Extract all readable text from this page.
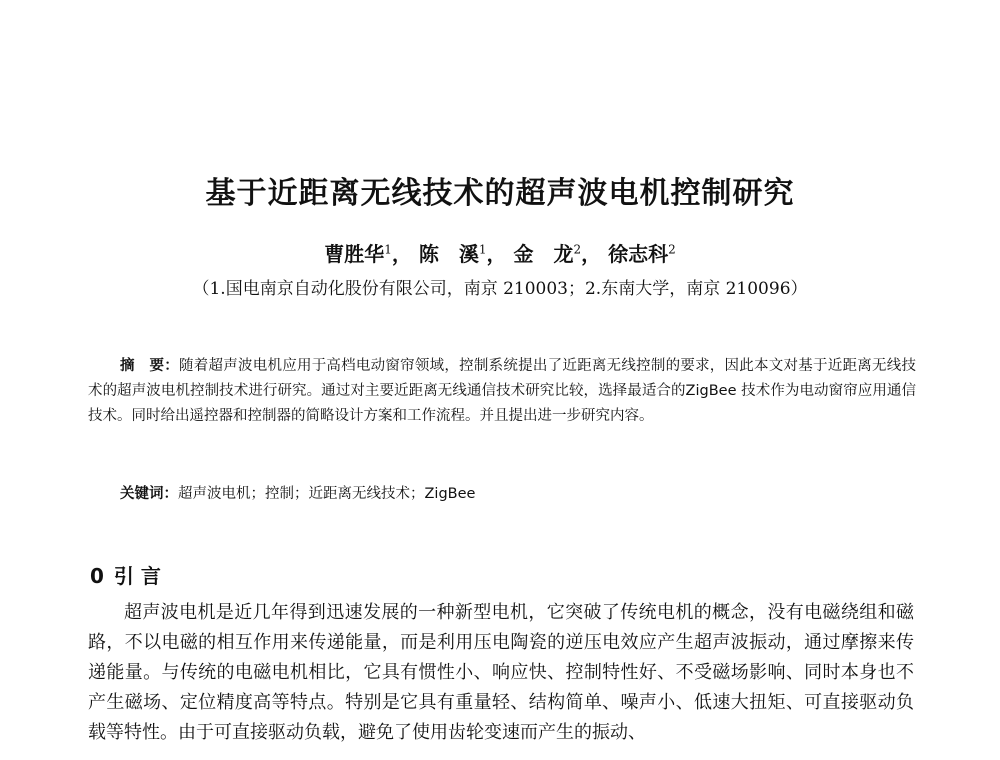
基于近距离无线技术的超声波电机控制研究
曹胜华$^1$， 陈　溪$^1$， 金　龙$^2$， 徐志科$^2$
（1.国电南京自动化股份有限公司，南京 210003；2.东南大学，南京 210096）

摘　要：随着超声波电机应用于高档电动窗帘领域，控制系统提出了近距离无线控制的要求，因此本文对基于近距离无线技术的超声波电机控制技术进行研究。通过对主要近距离无线通信技术研究比较，选择最适合的ZigBee 技术作为电动窗帘应用通信技术。同时给出遥控器和控制器的简略设计方案和工作流程。并且提出进一步研究内容。

关键词：超声波电机；控制；近距离无线技术；ZigBee

0 引 言

超声波电机是近几年得到迅速发展的一种新型电机，它突破了传统电机的概念，没有电磁绕组和磁路，不以电磁的相互作用来传递能量，而是利用压电陶瓷的逆压电效应产生超声波振动，通过摩擦来传递能量。与传统的电磁电机相比，它具有惯性小、响应快、控制特性好、不受磁场影响、同时本身也不产生磁场、定位精度高等特点。特别是它具有重量轻、结构简单、噪声小、低速大扭矩、可直接驱动负载等特性。由于可直接驱动负载，避免了使用齿轮变速而产生的振动、
